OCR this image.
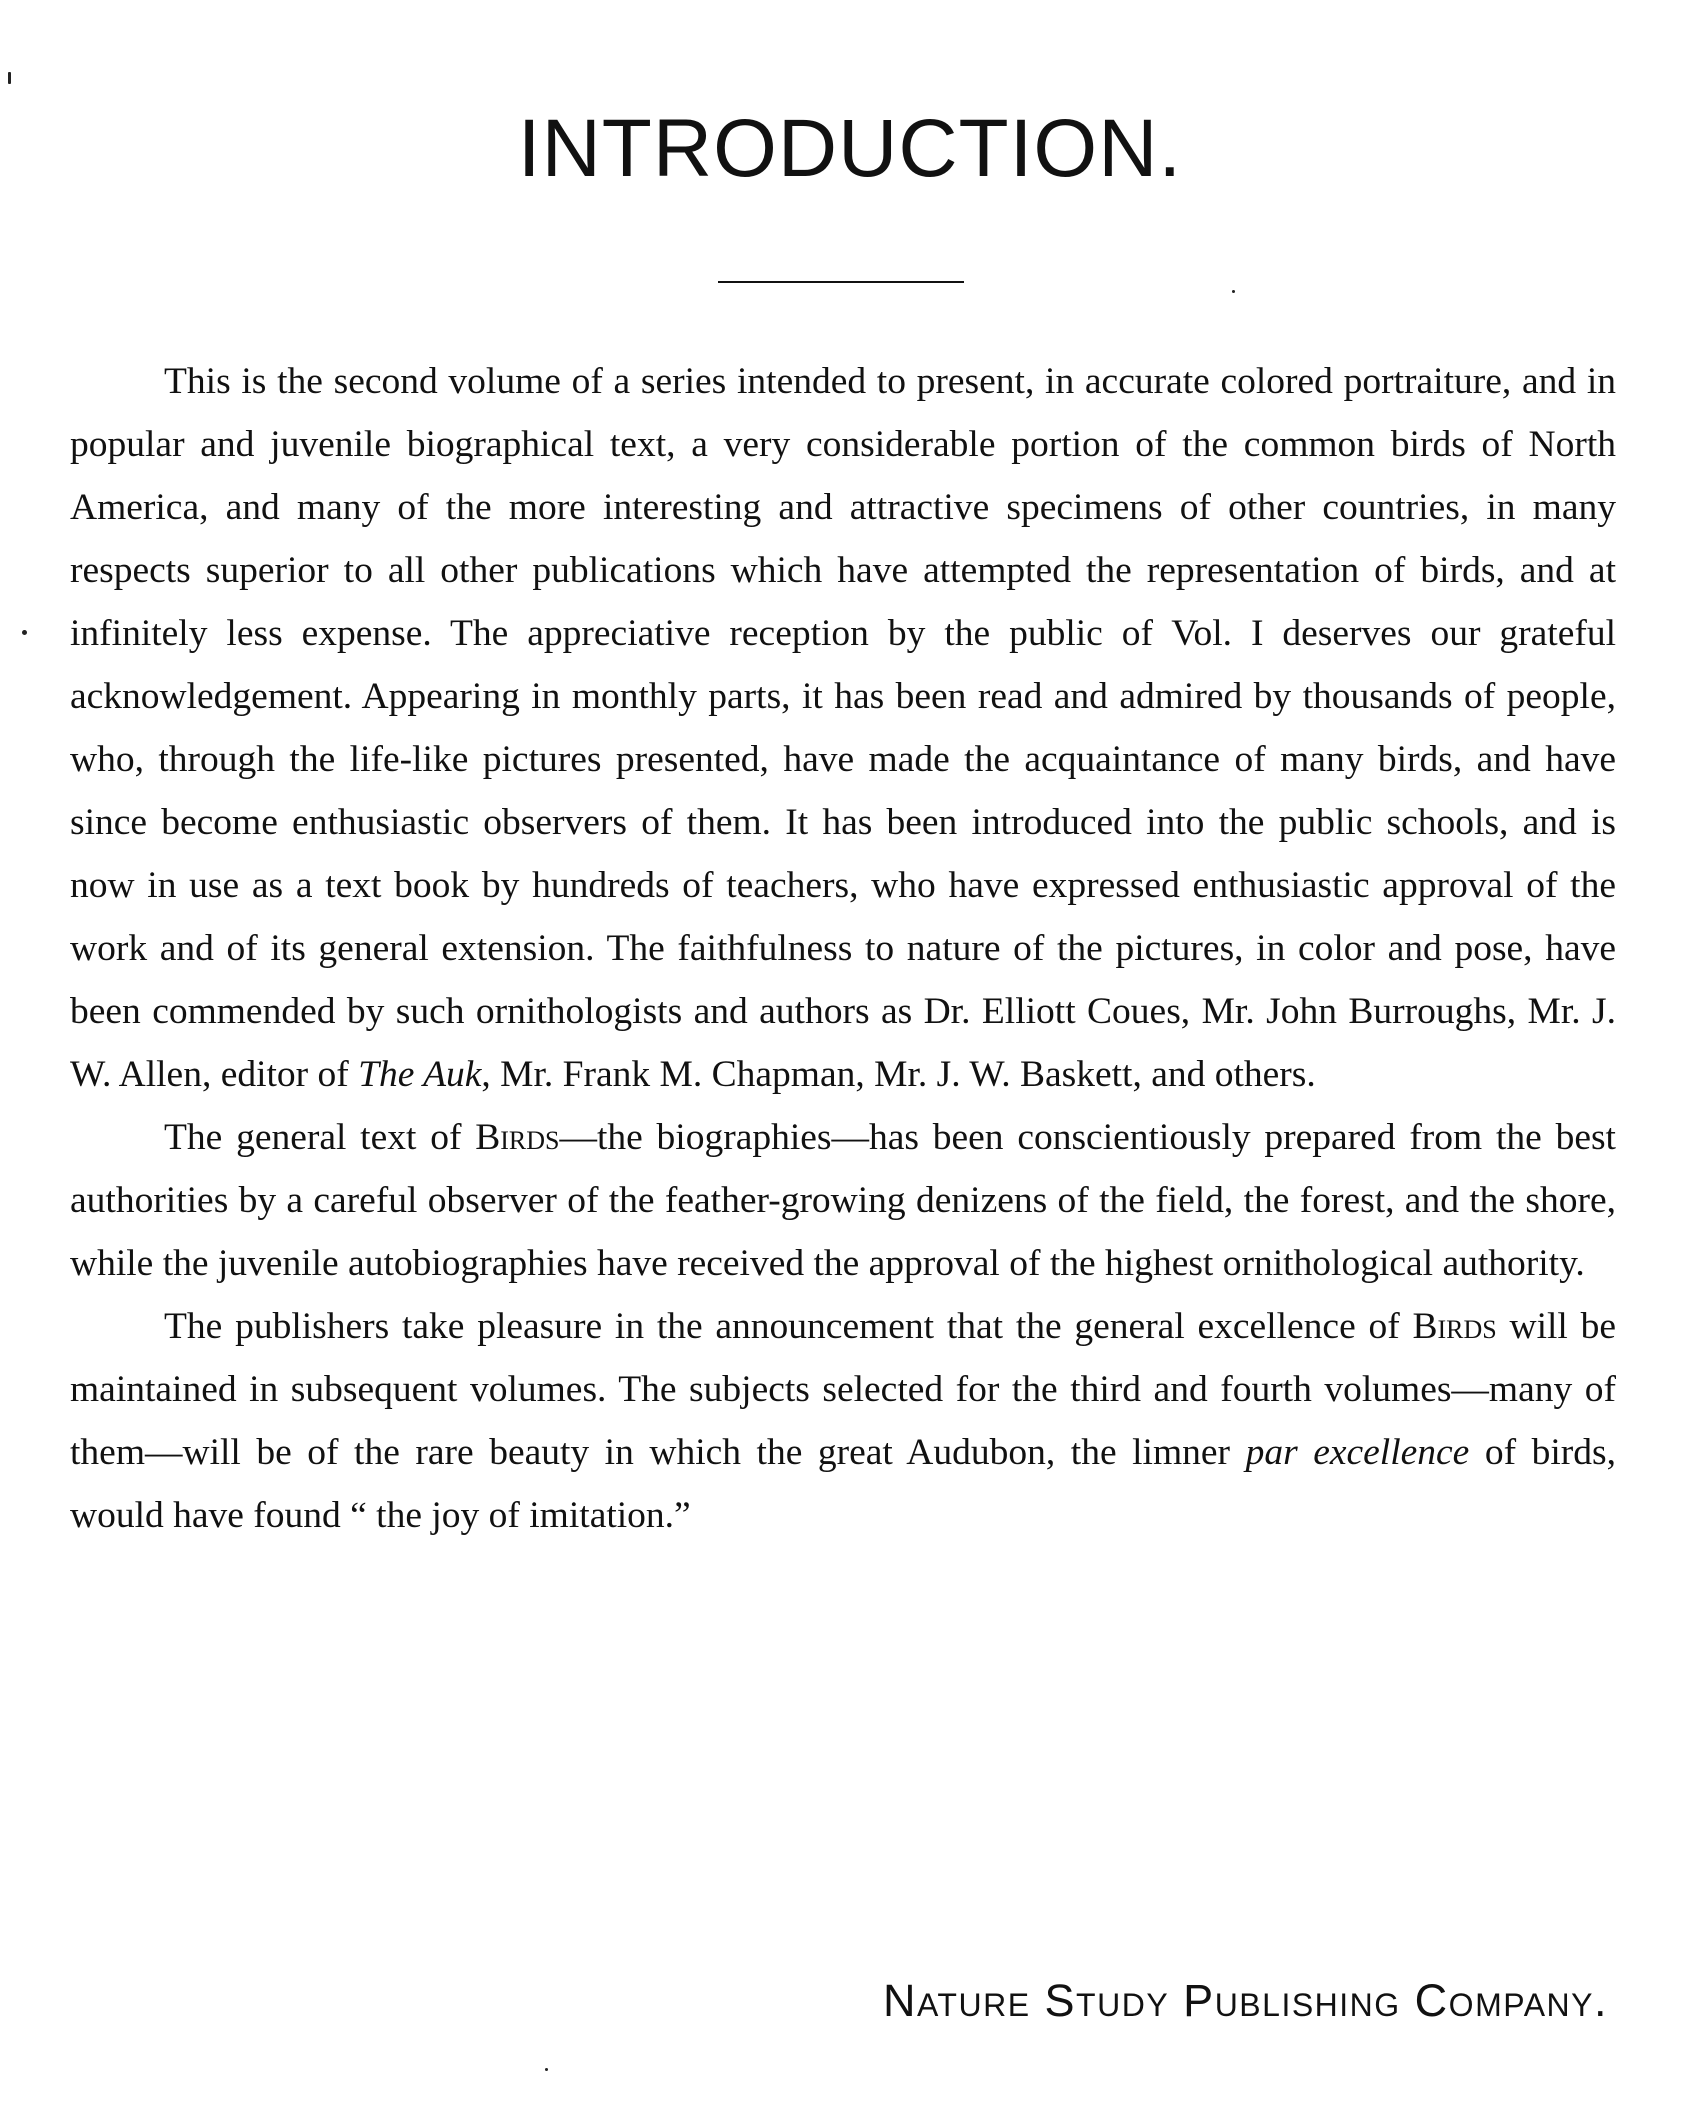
INTRODUCTION.

This is the second volume of a series intended to present, in accurate colored portraiture, and in popular and juvenile biographical text, a very considerable portion of the common birds of North America, and many of the more interesting and attractive specimens of other countries, in many respects superior to all other publications which have attempted the representation of birds, and at infinitely less expense. The appreciative reception by the public of Vol. I deserves our grateful acknowledgement. Appearing in monthly parts, it has been read and admired by thousands of people, who, through the life-like pictures presented, have made the acquaintance of many birds, and have since become enthusiastic observers of them. It has been introduced into the public schools, and is now in use as a text book by hundreds of teachers, who have expressed enthusiastic approval of the work and of its general extension. The faithfulness to nature of the pictures, in color and pose, have been commended by such ornithologists and authors as Dr. Elliott Coues, Mr. John Burroughs, Mr. J. W. Allen, editor of The Auk, Mr. Frank M. Chapman, Mr. J. W. Baskett, and others.

The general text of Birds—the biographies—has been conscientiously prepared from the best authorities by a careful observer of the feather-growing denizens of the field, the forest, and the shore, while the juvenile autobiographies have received the approval of the highest ornithological authority.

The publishers take pleasure in the announcement that the general excellence of Birds will be maintained in subsequent volumes. The subjects selected for the third and fourth volumes—many of them—will be of the rare beauty in which the great Audubon, the limner par excellence of birds, would have found “ the joy of imitation.”

Nature Study Publishing Company.
